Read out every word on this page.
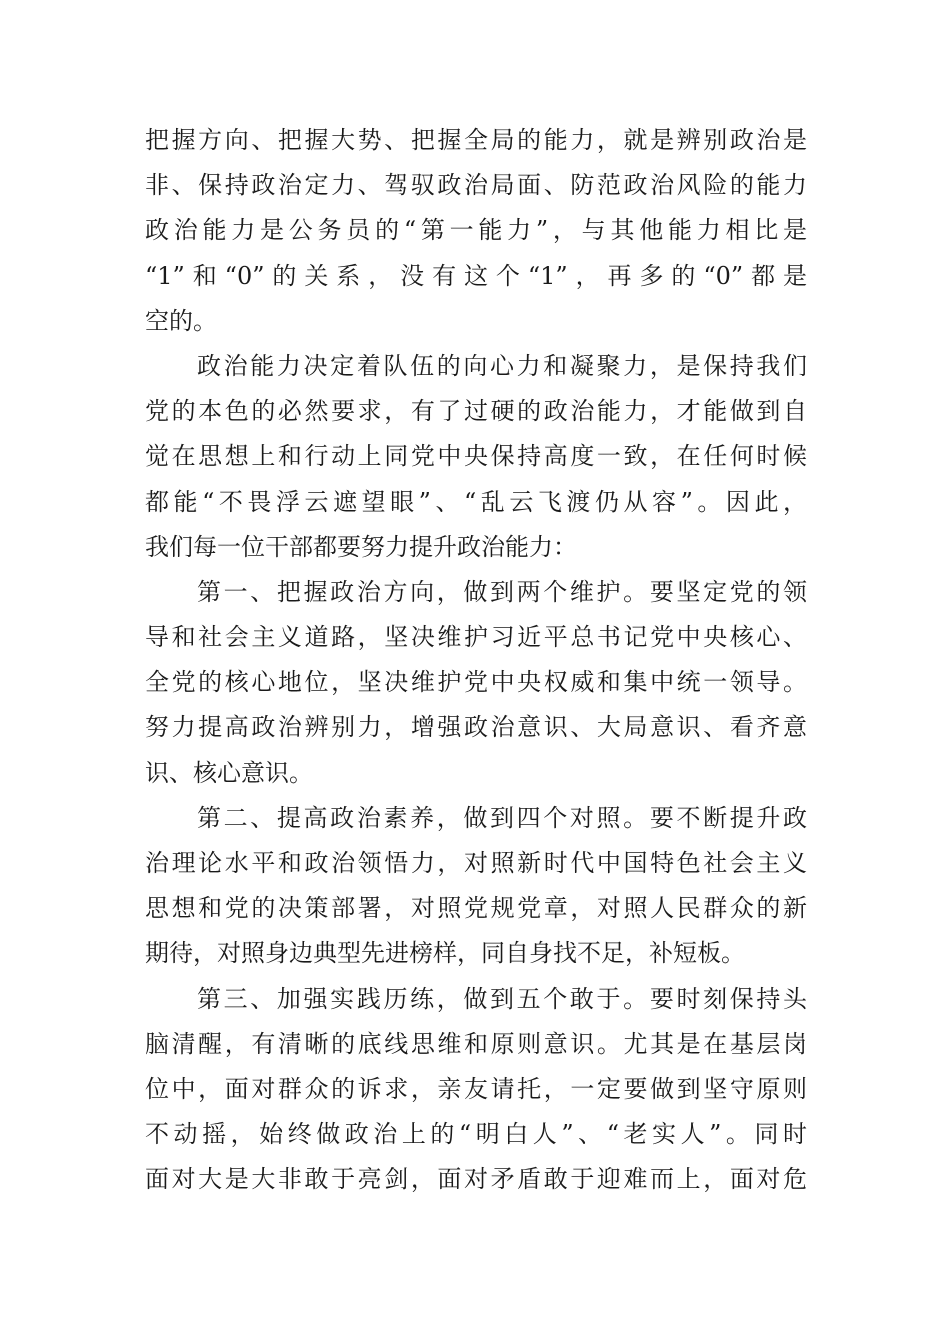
把握方向、把握大势、把握全局的能力，就是辨别政治是
非、保持政治定力、驾驭政治局面、防范政治风险的能力
政治能力是公务员的“第一能力”，与其他能力相比是
“1”和“0”的关系，没有这个“1”，再多的“0”都是
空的。
政治能力决定着队伍的向心力和凝聚力，是保持我们
党的本色的必然要求，有了过硬的政治能力，才能做到自
觉在思想上和行动上同党中央保持高度一致，在任何时候
都能“不畏浮云遮望眼”、“乱云飞渡仍从容”。因此，
我们每一位干部都要努力提升政治能力：
第一、把握政治方向，做到两个维护。要坚定党的领
导和社会主义道路，坚决维护习近平总书记党中央核心、
全党的核心地位，坚决维护党中央权威和集中统一领导。
努力提高政治辨别力，增强政治意识、大局意识、看齐意
识、核心意识。
第二、提高政治素养，做到四个对照。要不断提升政
治理论水平和政治领悟力，对照新时代中国特色社会主义
思想和党的决策部署，对照党规党章，对照人民群众的新
期待，对照身边典型先进榜样，同自身找不足，补短板。
第三、加强实践历练，做到五个敢于。要时刻保持头
脑清醒，有清晰的底线思维和原则意识。尤其是在基层岗
位中，面对群众的诉求，亲友请托，一定要做到坚守原则
不动摇，始终做政治上的“明白人”、“老实人”。同时
面对大是大非敢于亮剑，面对矛盾敢于迎难而上，面对危
